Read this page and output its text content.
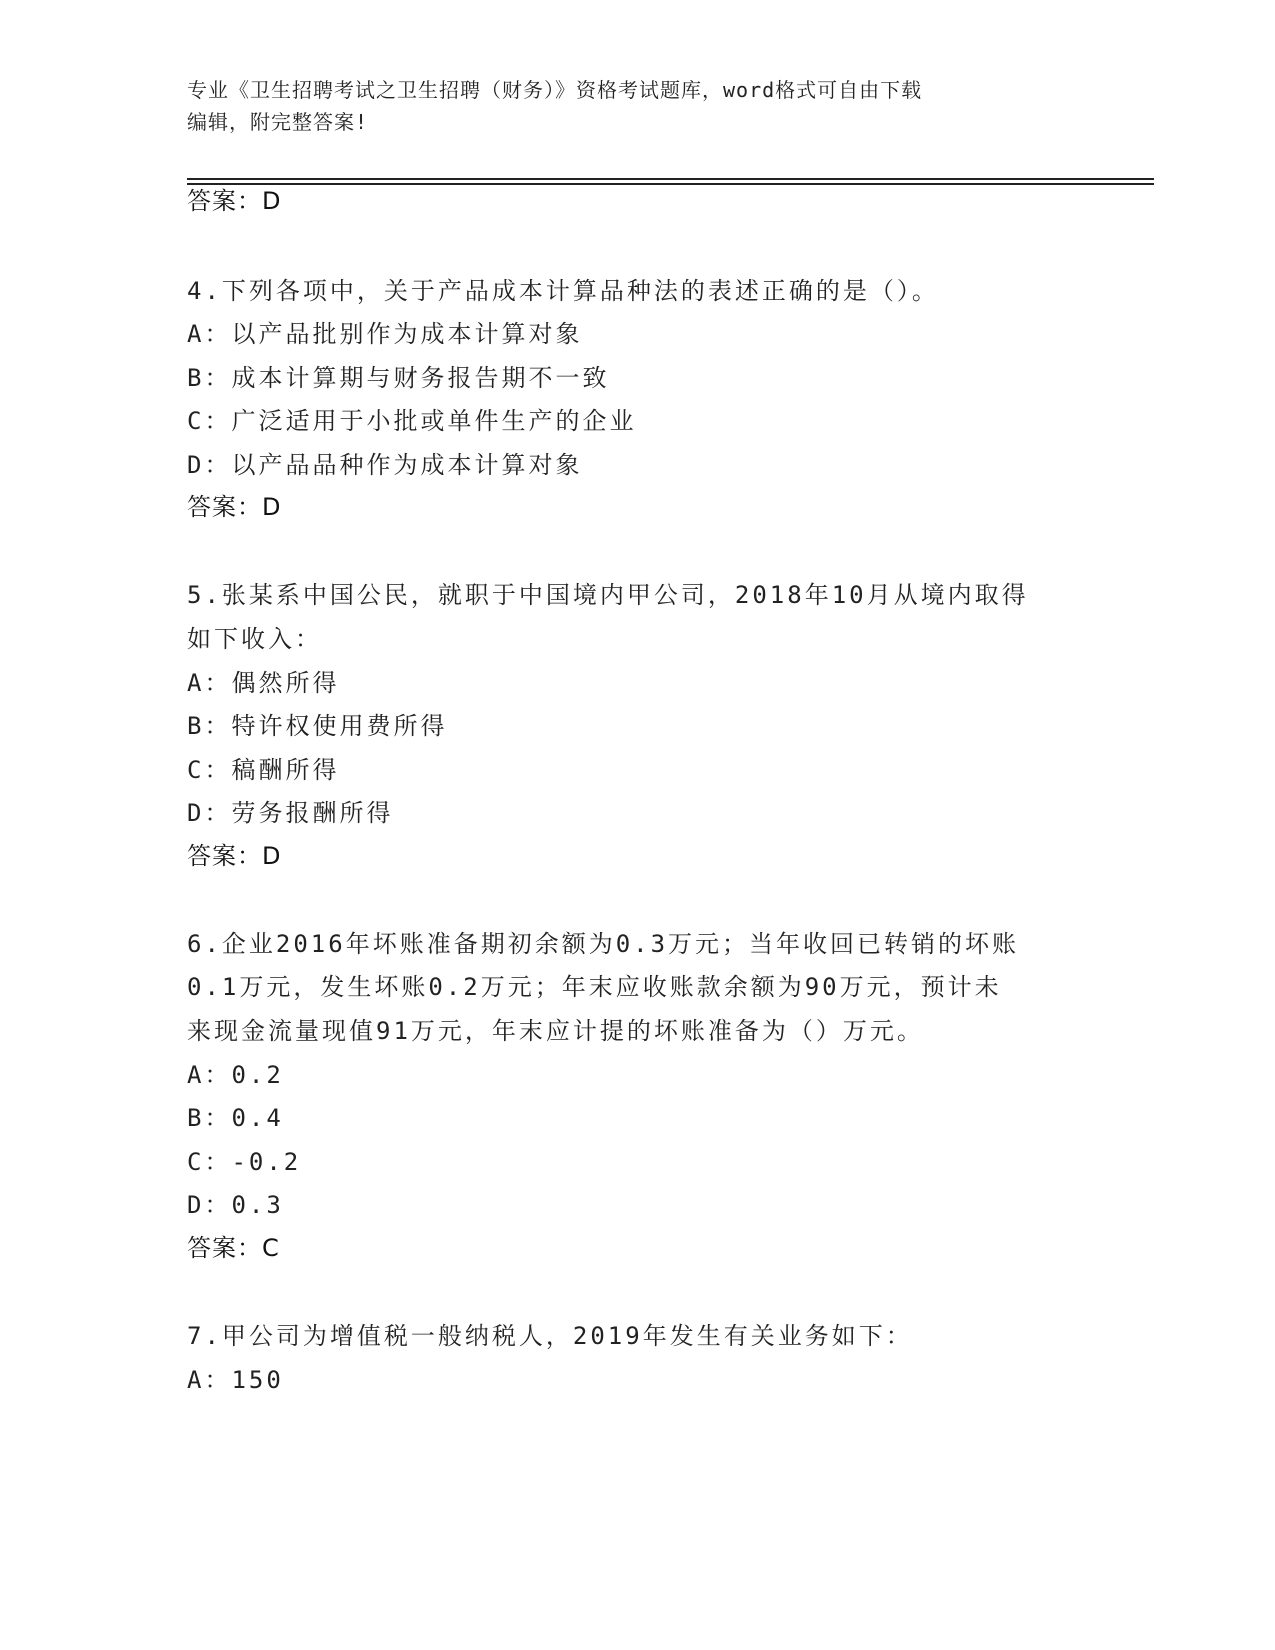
专业《卫生招聘考试之卫生招聘（财务）》资格考试题库，word格式可自由下载
编辑，附完整答案!
答案：D
4.下列各项中，关于产品成本计算品种法的表述正确的是（）。
A：以产品批别作为成本计算对象
B：成本计算期与财务报告期不一致
C：广泛适用于小批或单件生产的企业
D：以产品品种作为成本计算对象
答案：D
5.张某系中国公民，就职于中国境内甲公司，2018年10月从境内取得
如下收入：
A：偶然所得
B：特许权使用费所得
C：稿酬所得
D：劳务报酬所得
答案：D
6.企业2016年坏账准备期初余额为0.3万元；当年收回已转销的坏账
0.1万元，发生坏账0.2万元；年末应收账款余额为90万元，预计未
来现金流量现值91万元，年末应计提的坏账准备为（）万元。
A：0.2
B：0.4
C：-0.2
D：0.3
答案：C
7.甲公司为增值税一般纳税人，2019年发生有关业务如下：
A：150
